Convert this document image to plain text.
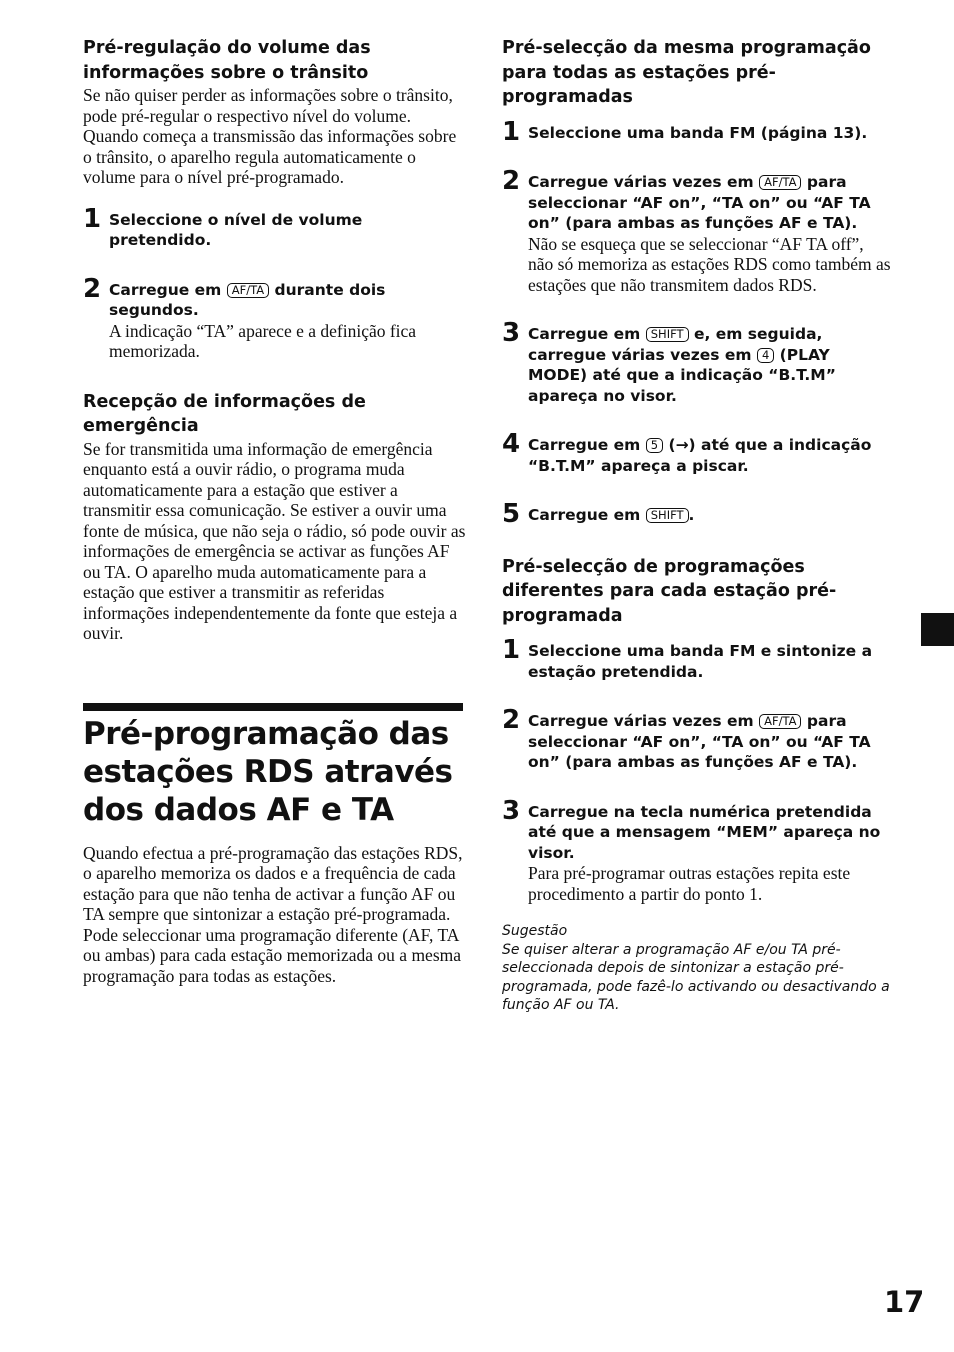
Pré-regulação do volume das informações sobre o trânsito

Se não quiser perder as informações sobre o trânsito, pode pré-regular o respectivo nível do volume. Quando começa a transmissão das informações sobre o trânsito, o aparelho regula automaticamente o volume para o nível pré-programado.

1 Seleccione o nível de volume pretendido.

2 Carregue em AF/TA durante dois segundos.

A indicação “TA” aparece e a definição fica memorizada.

Recepção de informações de emergência

Se for transmitida uma informação de emergência enquanto está a ouvir rádio, o programa muda automaticamente para a estação que estiver a transmitir essa comunicação. Se estiver a ouvir uma fonte de música, que não seja o rádio, só pode ouvir as informações de emergência se activar as funções AF ou TA. O aparelho muda automaticamente para a estação que estiver a transmitir as referidas informações independentemente da fonte que esteja a ouvir.

Pré-programação das estações RDS através dos dados AF e TA

Quando efectua a pré-programação das estações RDS, o aparelho memoriza os dados e a frequência de cada estação para que não tenha de activar a função AF ou TA sempre que sintonizar a estação pré-programada. Pode seleccionar uma programação diferente (AF, TA ou ambas) para cada estação memorizada ou a mesma programação para todas as estações.

Pré-selecção da mesma programação para todas as estações pré-programadas
1 Seleccione uma banda FM (página 13).

2 Carregue várias vezes em AF/TA para seleccionar “AF on”, “TA on” ou “AF TA on” (para ambas as funções AF e TA).

Não se esqueça que se seleccionar “AF TA off”, não só memoriza as estações RDS como também as estações que não transmitem dados RDS.

3 Carregue em SHIFT e, em seguida, carregue várias vezes em 4 (PLAY MODE) até que a indicação “B.T.M” apareça no visor.

4 Carregue em 5 (→) até que a indicação “B.T.M” apareça a piscar.

5 Carregue em SHIFT .

Pré-selecção de programações diferentes para cada estação pré-programada
1 Seleccione uma banda FM e sintonize a estação pretendida.

2 Carregue várias vezes em AF/TA para seleccionar “AF on”, “TA on” ou “AF TA on” (para ambas as funções AF e TA).

3 Carregue na tecla numérica pretendida até que a mensagem “MEM” apareça no visor.

Para pré-programar outras estações repita este procedimento a partir do ponto 1.

Sugestão

Se quiser alterar a programação AF e/ou TA pré-seleccionada depois de sintonizar a estação pré-programada, pode fazê-lo activando ou desactivando a função AF ou TA.

17
